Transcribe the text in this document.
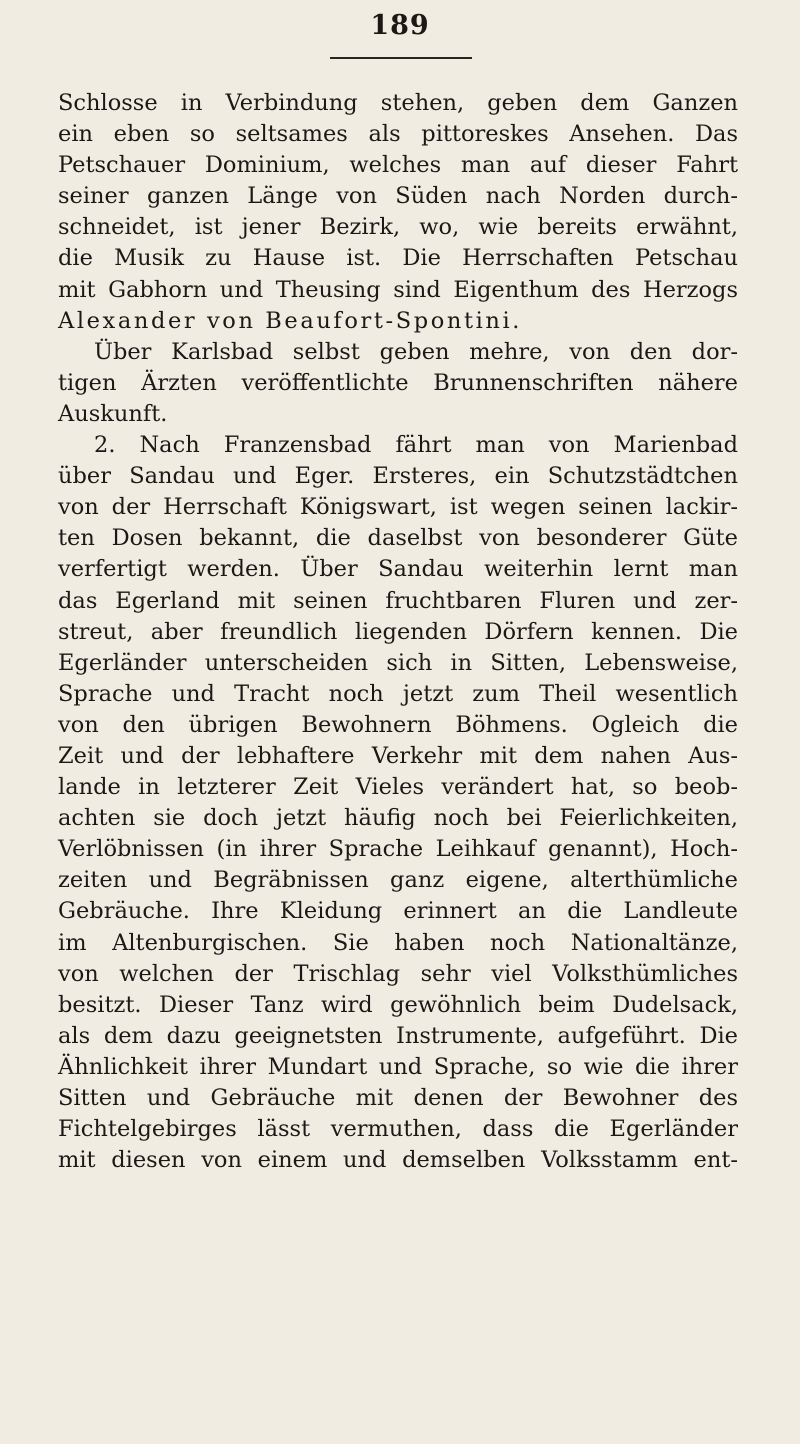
189
Schlosse in Verbindung stehen, geben dem Ganzen
ein eben so seltsames als pittoreskes Ansehen. Das
Petschauer Dominium, welches man auf dieser Fahrt
seiner ganzen Länge von Süden nach Norden durch-
schneidet, ist jener Bezirk, wo, wie bereits erwähnt,
die Musik zu Hause ist. Die Herrschaften Petschau
mit Gabhorn und Theusing sind Eigenthum des Herzogs
Alexander von Beaufort-Spontini.
Über Karlsbad selbst geben mehre, von den dor-
tigen Ärzten veröffentlichte Brunnenschriften nähere
Auskunft.
2. Nach Franzensbad fährt man von Marienbad
über Sandau und Eger. Ersteres, ein Schutzstädtchen
von der Herrschaft Königswart, ist wegen seinen lackir-
ten Dosen bekannt, die daselbst von besonderer Güte
verfertigt werden. Über Sandau weiterhin lernt man
das Egerland mit seinen fruchtbaren Fluren und zer-
streut, aber freundlich liegenden Dörfern kennen. Die
Egerländer unterscheiden sich in Sitten, Lebensweise,
Sprache und Tracht noch jetzt zum Theil wesentlich
von den übrigen Bewohnern Böhmens. Ogleich die
Zeit und der lebhaftere Verkehr mit dem nahen Aus-
lande in letzterer Zeit Vieles verändert hat, so beob-
achten sie doch jetzt häufig noch bei Feierlichkeiten,
Verlöbnissen (in ihrer Sprache Leihkauf genannt), Hoch-
zeiten und Begräbnissen ganz eigene, alterthümliche
Gebräuche. Ihre Kleidung erinnert an die Landleute
im Altenburgischen. Sie haben noch Nationaltänze,
von welchen der Trischlag sehr viel Volksthümliches
besitzt. Dieser Tanz wird gewöhnlich beim Dudelsack,
als dem dazu geeignetsten Instrumente, aufgeführt. Die
Ähnlichkeit ihrer Mundart und Sprache, so wie die ihrer
Sitten und Gebräuche mit denen der Bewohner des
Fichtelgebirges lässt vermuthen, dass die Egerländer
mit diesen von einem und demselben Volksstamm ent-
